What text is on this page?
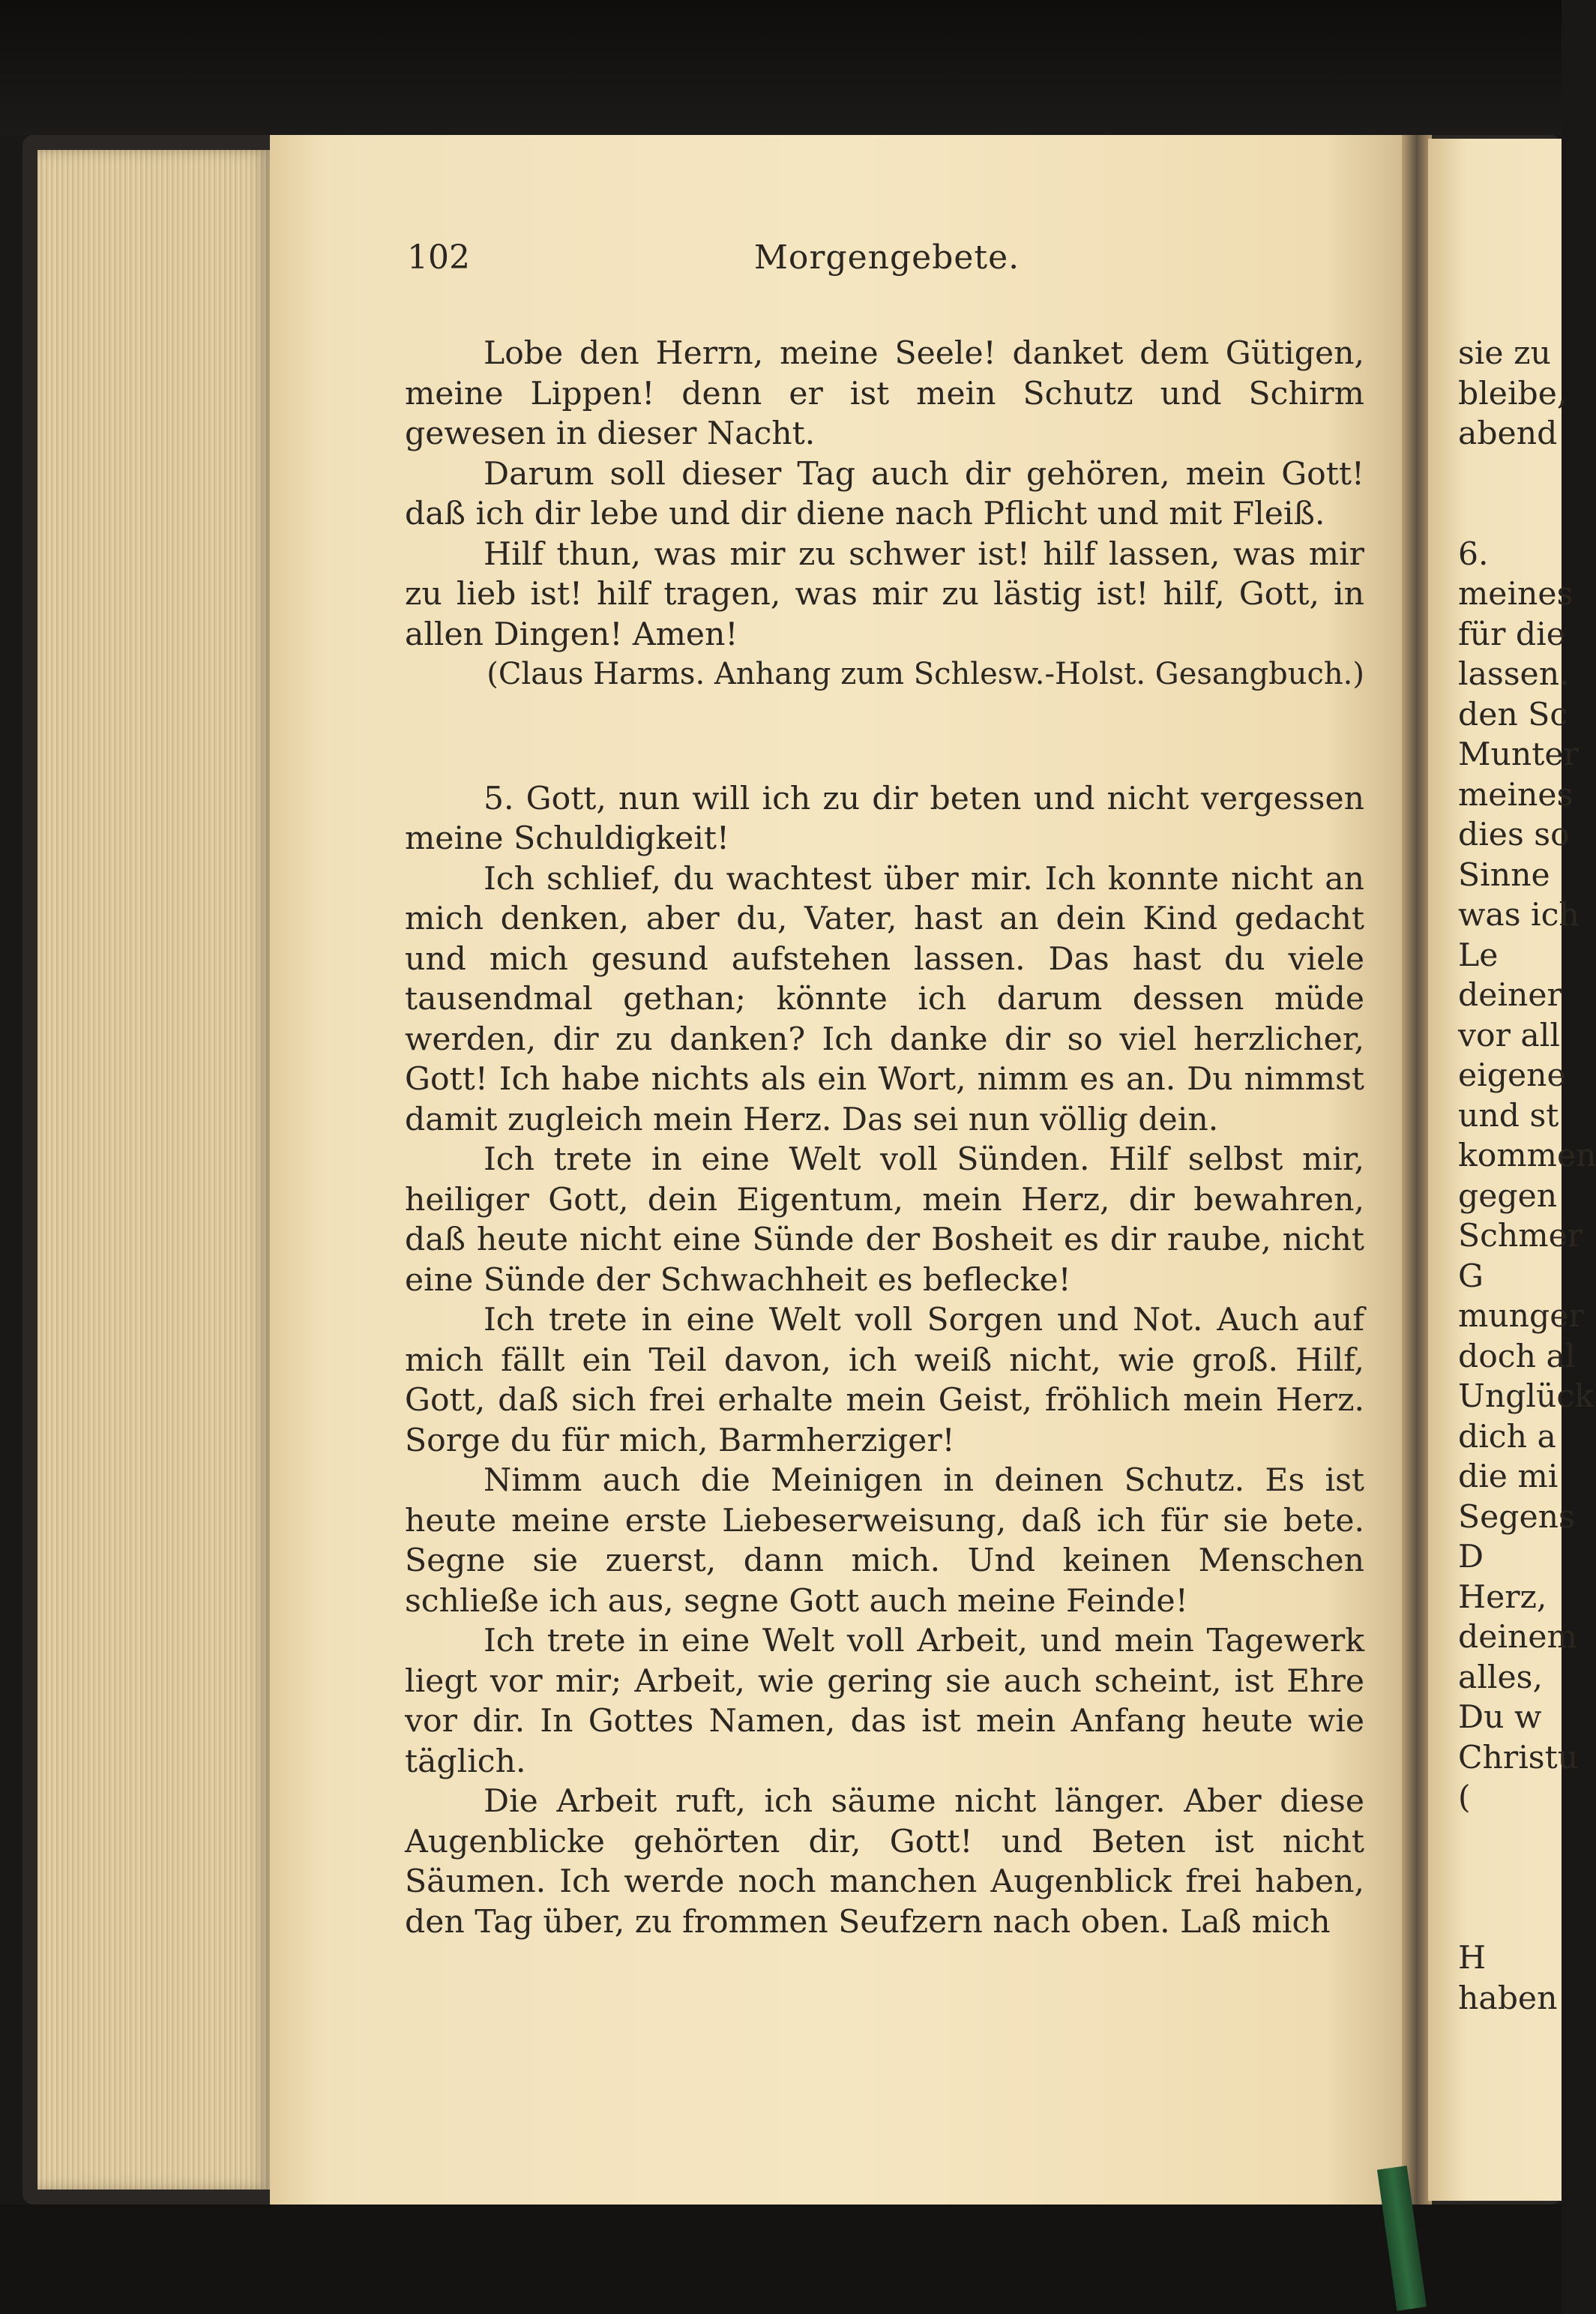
sie zu
bleibe,
abend
6.
meines
für die
lassen.
den Sc
Munter
meines
dies so
Sinne
was ich
Le
deiner
vor all
eigene
und st
kommen
gegen
Schmer
G
munger
doch al
Unglück
dich a
die mi
Segens
D
Herz,
deinem
alles,
Du w
Christu
(
H
haben
102	Morgengebete.

Lobe den Herrn, meine Seele! danket dem Gütigen, meine Lippen! denn er ist mein Schutz und Schirm gewesen in dieser Nacht.

Darum soll dieser Tag auch dir gehören, mein Gott! daß ich dir lebe und dir diene nach Pflicht und mit Fleiß.

Hilf thun, was mir zu schwer ist! hilf lassen, was mir zu lieb ist! hilf tragen, was mir zu lästig ist! hilf, Gott, in allen Dingen! Amen!

(Claus Harms. Anhang zum Schlesw.-Holst. Gesangbuch.)

5. Gott, nun will ich zu dir beten und nicht vergessen meine Schuldigkeit!

Ich schlief, du wachtest über mir. Ich konnte nicht an mich denken, aber du, Vater, hast an dein Kind gedacht und mich gesund aufstehen lassen. Das hast du viele tausendmal gethan; könnte ich darum dessen müde werden, dir zu danken? Ich danke dir so viel herzlicher, Gott! Ich habe nichts als ein Wort, nimm es an. Du nimmst damit zugleich mein Herz. Das sei nun völlig dein.

Ich trete in eine Welt voll Sünden. Hilf selbst mir, heiliger Gott, dein Eigentum, mein Herz, dir bewahren, daß heute nicht eine Sünde der Bosheit es dir raube, nicht eine Sünde der Schwachheit es beflecke!

Ich trete in eine Welt voll Sorgen und Not. Auch auf mich fällt ein Teil davon, ich weiß nicht, wie groß. Hilf, Gott, daß sich frei erhalte mein Geist, fröhlich mein Herz. Sorge du für mich, Barmherziger!

Nimm auch die Meinigen in deinen Schutz. Es ist heute meine erste Liebeserweisung, daß ich für sie bete. Segne sie zuerst, dann mich. Und keinen Menschen schließe ich aus, segne Gott auch meine Feinde!

Ich trete in eine Welt voll Arbeit, und mein Tagewerk liegt vor mir; Arbeit, wie gering sie auch scheint, ist Ehre vor dir. In Gottes Namen, das ist mein Anfang heute wie täglich.

Die Arbeit ruft, ich säume nicht länger. Aber diese Augenblicke gehörten dir, Gott! und Beten ist nicht Säumen. Ich werde noch manchen Augenblick frei haben, den Tag über, zu frommen Seufzern nach oben. Laß mich
